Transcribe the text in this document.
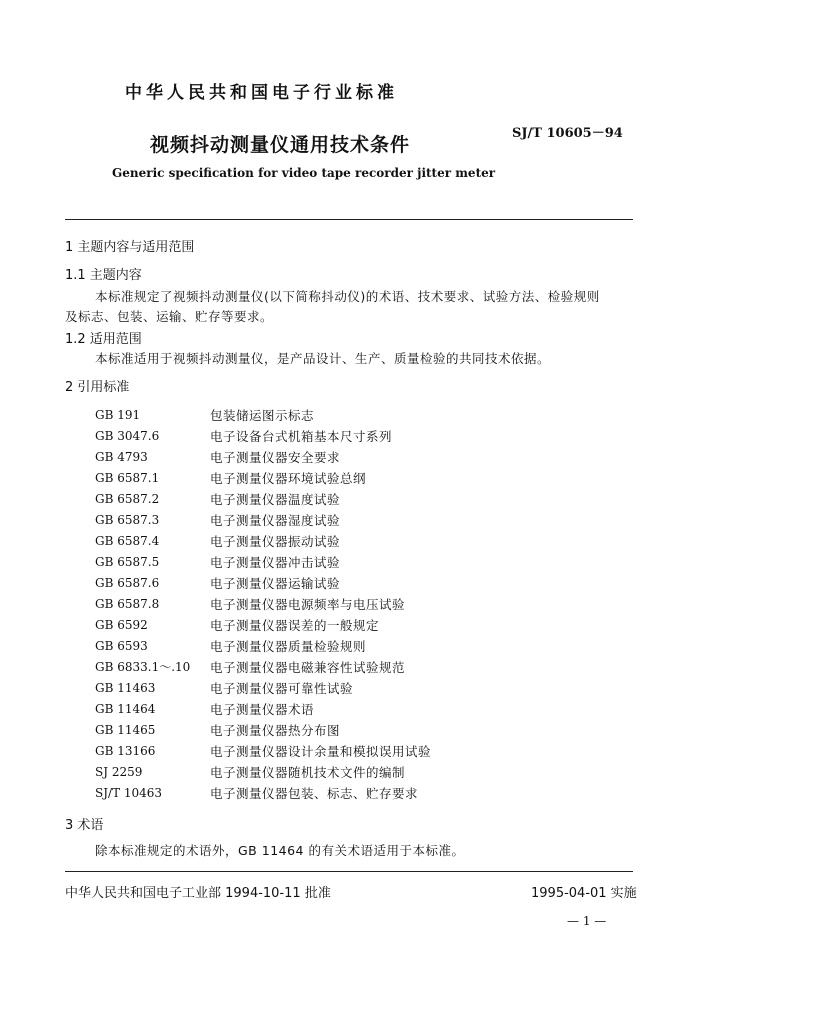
中华人民共和国电子行业标准
视频抖动测量仪通用技术条件
SJ/T 10605－94
Generic specification for video tape recorder jitter meter
1 主题内容与适用范围
1.1 主题内容
本标准规定了视频抖动测量仪(以下简称抖动仪)的术语、技术要求、试验方法、检验规则
及标志、包装、运输、贮存等要求。
1.2 适用范围
本标准适用于视频抖动测量仪，是产品设计、生产、质量检验的共同技术依据。
2 引用标准
GB 191	包装储运图示标志
GB 3047.6	电子设备台式机箱基本尺寸系列
GB 4793	电子测量仪器安全要求
GB 6587.1	电子测量仪器环境试验总纲
GB 6587.2	电子测量仪器温度试验
GB 6587.3	电子测量仪器湿度试验
GB 6587.4	电子测量仪器振动试验
GB 6587.5	电子测量仪器冲击试验
GB 6587.6	电子测量仪器运输试验
GB 6587.8	电子测量仪器电源频率与电压试验
GB 6592	电子测量仪器误差的一般规定
GB 6593	电子测量仪器质量检验规则
GB 6833.1～.10	电子测量仪器电磁兼容性试验规范
GB 11463	电子测量仪器可靠性试验
GB 11464	电子测量仪器术语
GB 11465	电子测量仪器热分布图
GB 13166	电子测量仪器设计余量和模拟误用试验
SJ 2259	电子测量仪器随机技术文件的编制
SJ/T 10463	电子测量仪器包装、标志、贮存要求
3 术语
除本标准规定的术语外，GB 11464 的有关术语适用于本标准。
中华人民共和国电子工业部 1994-10-11 批准	1995-04-01 实施
— 1 —
